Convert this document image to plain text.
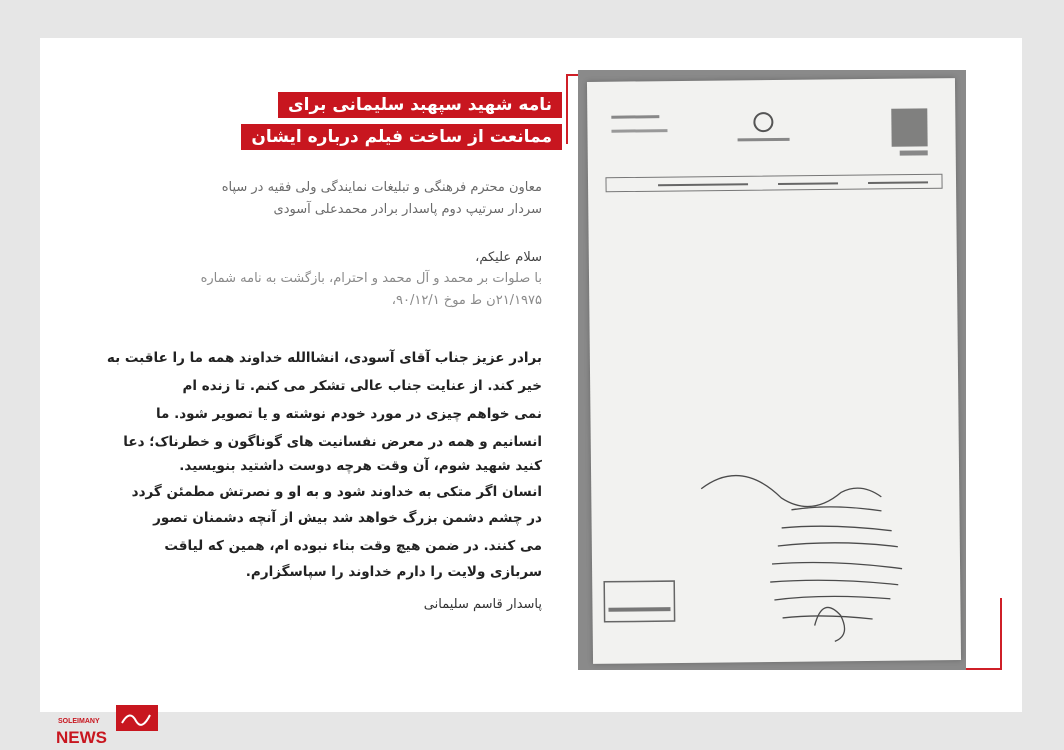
نامه شهید سپهبد سلیمانی برای
ممانعت از ساخت فیلم درباره ایشان
معاون محترم فرهنگی و تبلیغات نمایندگی ولی فقیه در سپاه
سردار سرتیپ دوم پاسدار برادر محمدعلی آسودی
سلام علیکم،
با صلوات بر محمد و آل محمد و احترام، بازگشت به نامه شماره
۲۱/۱۹۷۵ن ط موخ ۹۰/۱۲/۱،
برادر عزیز جناب آقای آسودی، انشاالله خداوند همه ما را عاقبت به
خیر کند. از عنایت جناب عالی تشکر می کنم. تا زنده ام
نمی خواهم چیزی در مورد خودم نوشته و یا تصویر شود. ما
انسانیم و همه در معرض نفسانیت های گوناگون و خطرناک؛ دعا
کنید شهید شوم، آن وقت هرچه دوست داشتید بنویسید.
انسان اگر متکی به خداوند شود و به او و نصرتش مطمئن گردد
در چشم دشمن بزرگ خواهد شد بیش از آنچه دشمنان تصور
می کنند. در ضمن هیچ وقت بناء نبوده ام، همین که لیاقت
سربازی ولایت را دارم خداوند را سپاسگزارم.
پاسدار قاسم سلیمانی
SOLEIMANY
NEWS
